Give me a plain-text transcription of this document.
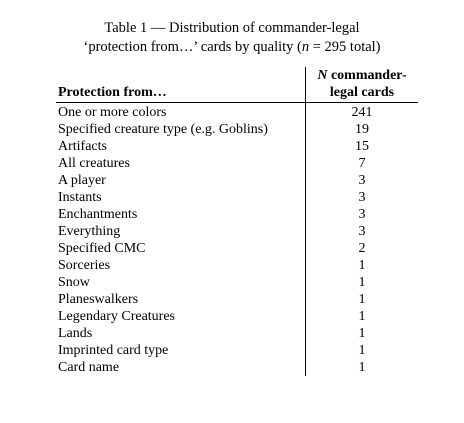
Table 1 — Distribution of commander-legal
‘protection from…’ cards by quality (n = 295 total)
Protection from…	N commander-
legal cards
One or more colors	241
Specified creature type (e.g. Goblins)	19
Artifacts	15
All creatures	7
A player	3
Instants	3
Enchantments	3
Everything	3
Specified CMC	2
Sorceries	1
Snow	1
Planeswalkers	1
Legendary Creatures	1
Lands	1
Imprinted card type	1
Card name	1
